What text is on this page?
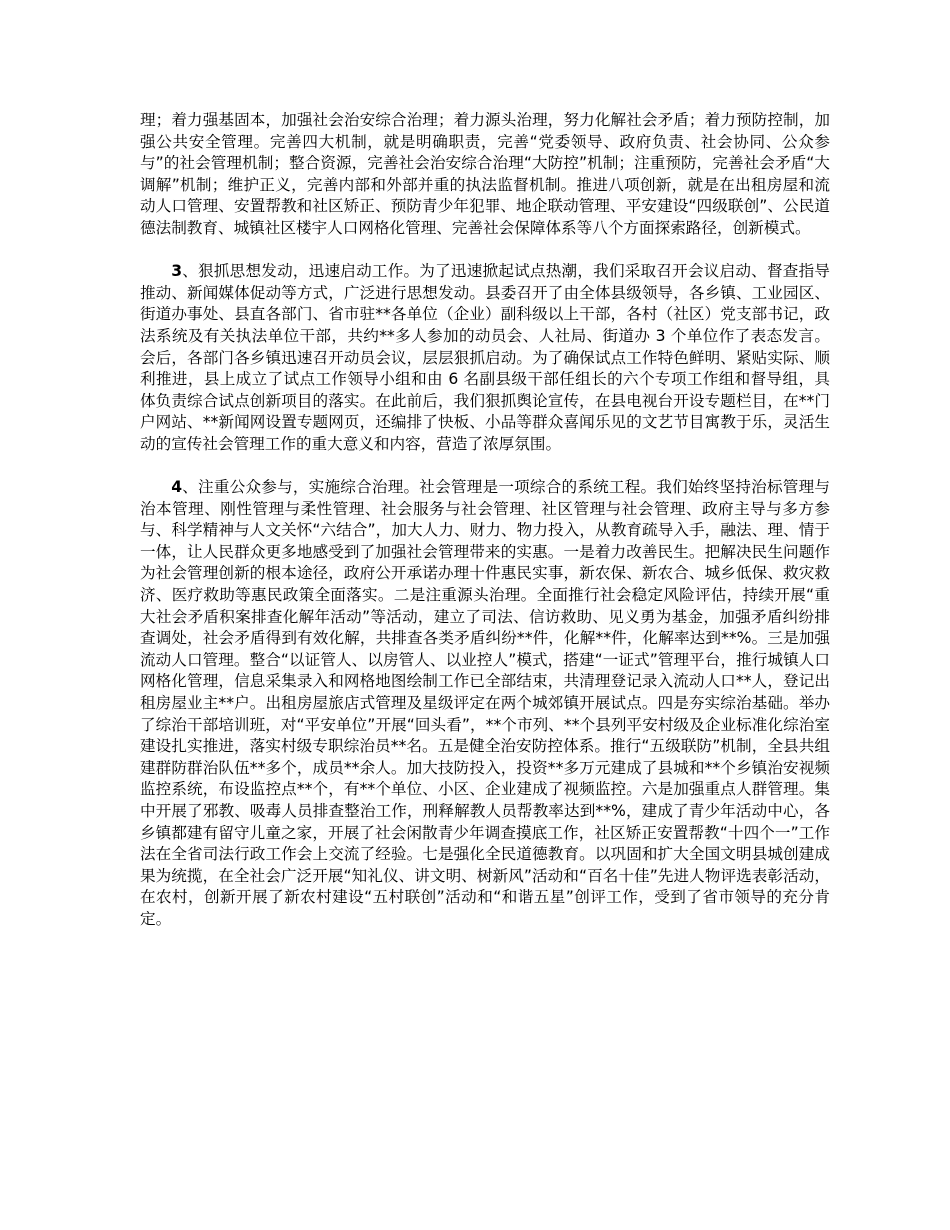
理；着力强基固本，加强社会治安综合治理；着力源头治理，努力化解社会矛盾；着力预防控制，加强公共安全管理。完善四大机制，就是明确职责，完善“党委领导、政府负责、社会协同、公众参与”的社会管理机制；整合资源，完善社会治安综合治理“大防控”机制；注重预防，完善社会矛盾“大调解”机制；维护正义，完善内部和外部并重的执法监督机制。推进八项创新，就是在出租房屋和流动人口管理、安置帮教和社区矫正、预防青少年犯罪、地企联动管理、平安建设“四级联创”、公民道德法制教育、城镇社区楼宇人口网格化管理、完善社会保障体系等八个方面探索路径，创新模式。

3、狠抓思想发动，迅速启动工作。为了迅速掀起试点热潮，我们采取召开会议启动、督查指导推动、新闻媒体促动等方式，广泛进行思想发动。县委召开了由全体县级领导，各乡镇、工业园区、街道办事处、县直各部门、省市驻**各单位（企业）副科级以上干部，各村（社区）党支部书记，政法系统及有关执法单位干部，共约**多人参加的动员会、人社局、街道办 3 个单位作了表态发言。会后，各部门各乡镇迅速召开动员会议，层层狠抓启动。为了确保试点工作特色鲜明、紧贴实际、顺利推进，县上成立了试点工作领导小组和由 6 名副县级干部任组长的六个专项工作组和督导组，具体负责综合试点创新项目的落实。在此前后，我们狠抓舆论宣传，在县电视台开设专题栏目，在**门户网站、**新闻网设置专题网页，还编排了快板、小品等群众喜闻乐见的文艺节目寓教于乐，灵活生动的宣传社会管理工作的重大意义和内容，营造了浓厚氛围。

4、注重公众参与，实施综合治理。社会管理是一项综合的系统工程。我们始终坚持治标管理与治本管理、刚性管理与柔性管理、社会服务与社会管理、社区管理与社会管理、政府主导与多方参与、科学精神与人文关怀“六结合”，加大人力、财力、物力投入，从教育疏导入手，融法、理、情于一体，让人民群众更多地感受到了加强社会管理带来的实惠。一是着力改善民生。把解决民生问题作为社会管理创新的根本途径，政府公开承诺办理十件惠民实事，新农保、新农合、城乡低保、救灾救济、医疗救助等惠民政策全面落实。二是注重源头治理。全面推行社会稳定风险评估，持续开展“重大社会矛盾积案排查化解年活动”等活动，建立了司法、信访救助、见义勇为基金，加强矛盾纠纷排查调处，社会矛盾得到有效化解，共排查各类矛盾纠纷**件，化解**件，化解率达到**%。三是加强流动人口管理。整合“以证管人、以房管人、以业控人”模式，搭建“一证式”管理平台，推行城镇人口网格化管理，信息采集录入和网格地图绘制工作已全部结束，共清理登记录入流动人口**人，登记出租房屋业主**户。出租房屋旅店式管理及星级评定在两个城郊镇开展试点。四是夯实综治基础。举办了综治干部培训班，对“平安单位”开展“回头看”，**个市列、**个县列平安村级及企业标准化综治室建设扎实推进，落实村级专职综治员**名。五是健全治安防控体系。推行“五级联防”机制，全县共组建群防群治队伍**多个，成员**余人。加大技防投入，投资**多万元建成了县城和**个乡镇治安视频监控系统，布设监控点**个，有**个单位、小区、企业建成了视频监控。六是加强重点人群管理。集中开展了邪教、吸毒人员排查整治工作，刑释解教人员帮教率达到**%，建成了青少年活动中心，各乡镇都建有留守儿童之家，开展了社会闲散青少年调查摸底工作，社区矫正安置帮教“十四个一”工作法在全省司法行政工作会上交流了经验。七是强化全民道德教育。以巩固和扩大全国文明县城创建成果为统揽，在全社会广泛开展“知礼仪、讲文明、树新风”活动和“百名十佳”先进人物评选表彰活动，在农村，创新开展了新农村建设“五村联创”活动和“和谐五星”创评工作，受到了省市领导的充分肯定。
